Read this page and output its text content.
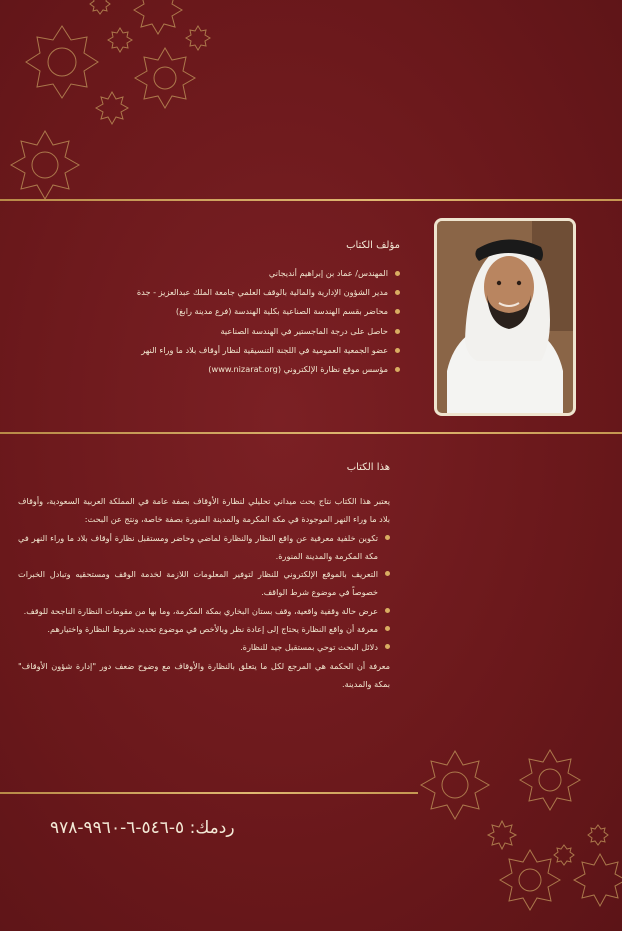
مؤلف الكتاب
المهندس/ عماد بن إبراهيم أنديجاني
مدير الشؤون الإدارية والمالية بالوقف العلمي جامعة الملك عبدالعزيز - جدة
محاضر بقسم الهندسة الصناعية بكلية الهندسة (فرع مدينة رابغ)
حاصل على درجة الماجستير في الهندسة الصناعية
عضو الجمعية العمومية في اللجنة التنسيقية لنظار أوقاف بلاد ما وراء النهر
مؤسس موقع نظارة الإلكتروني (www.nizarat.org)
هذا الكتاب

يعتبر هذا الكتاب نتاج بحث ميداني تحليلي لنظارة الأوقاف بصفة عامة في المملكة العربية السعودية، وأوقاف بلاد ما وراء النهر الموجودة في مكة المكرمة والمدينة المنورة بصفة خاصة، ونتج عن البحث:

تكوين خلفية معرفية عن واقع النظار والنظارة لماضي وحاضر ومستقبل نظارة أوقاف بلاد ما وراء النهر في مكة المكرمة والمدينة المنورة.
التعريف بالموقع الإلكتروني للنظار لتوفير المعلومات اللازمة لخدمة الوقف ومستحقيه وتبادل الخبرات خصوصاً في موضوع شرط الواقف.
عرض حالة وقفية واقعية، وقف بستان البخاري بمكة المكرمة، وما بها من مقومات النظارة الناجحة للوقف.
معرفة أن واقع النظارة يحتاج إلى إعادة نظر وبالأخص في موضوع تحديد شروط النظارة واختيارهم.
دلائل البحث توحي بمستقبل جيد للنظارة.

معرفة أن الحكمة هي المرجع لكل ما يتعلق بالنظارة والأوقاف مع وضوح ضعف دور "إدارة شؤون الأوقاف" بمكة والمدينة.

ردمك: ٥-٥٤٦-٦-٩٩٦٠-٩٧٨
